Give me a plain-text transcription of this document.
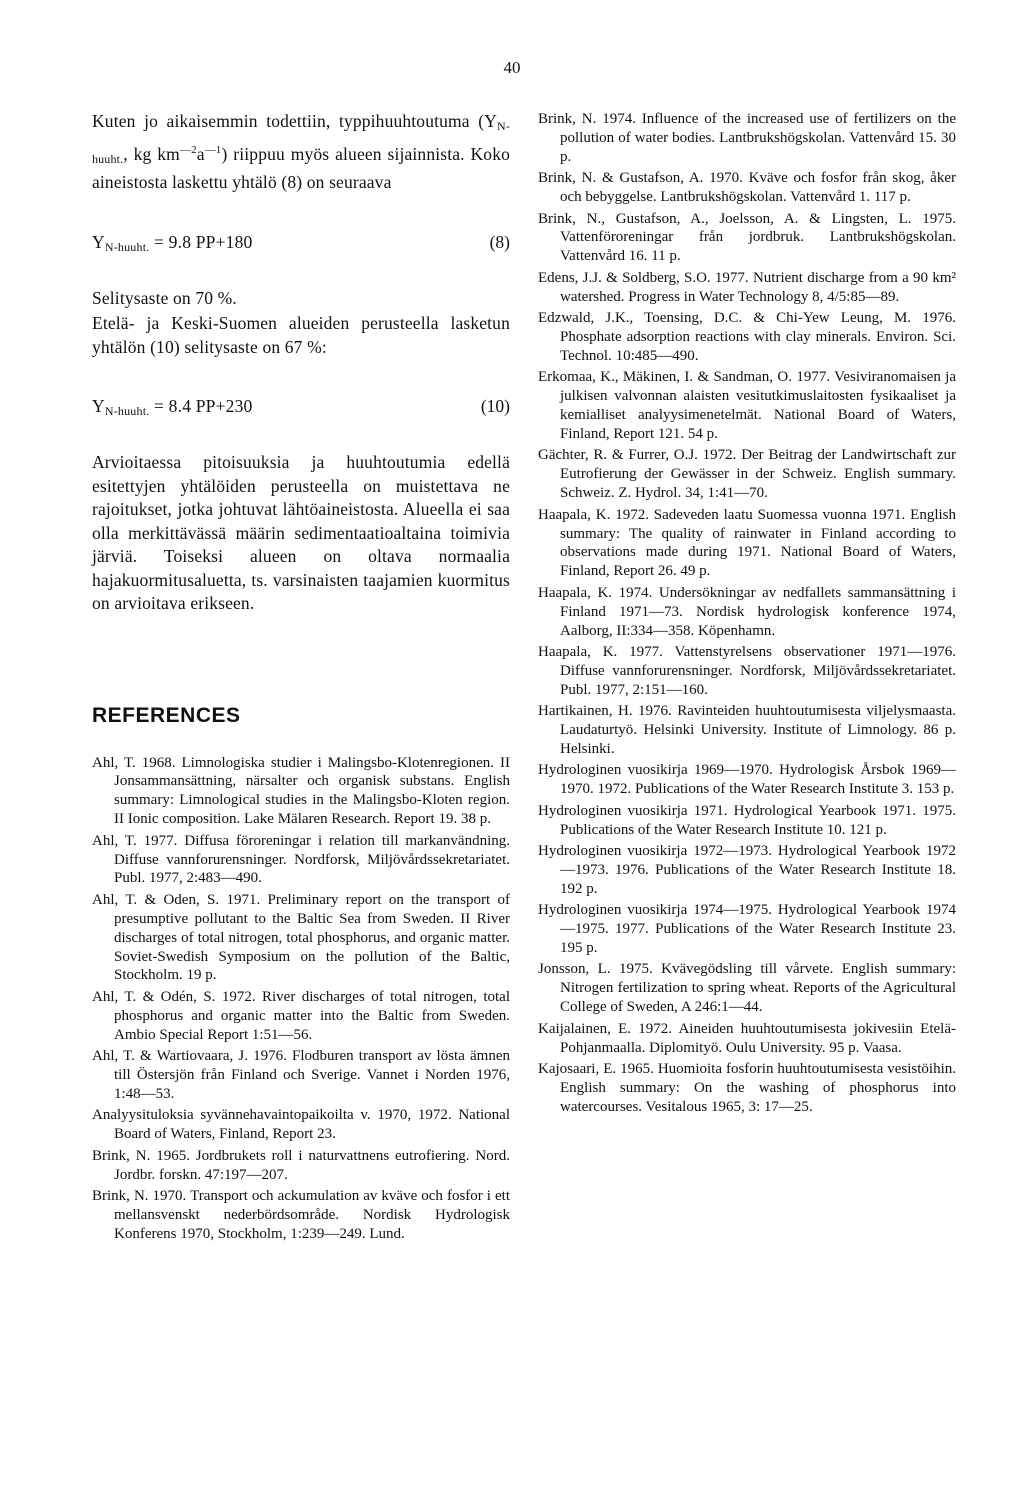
40

Kuten jo aikaisemmin todettiin, typpihuuhtoutuma ($Y_{N-huuht.}$, kg $km^{—2}a^{—1}$) riippuu myös alueen sijainnista. Koko aineistosta laskettu yhtälö (8) on seuraava

$Y_{N-huuht.} = 9.8$ PP+180	(8)

Selitysaste on 70 %.

Etelä- ja Keski-Suomen alueiden perusteella lasketun yhtälön (10) selitysaste on 67 %:

$Y_{N-huuht.} = 8.4$ PP+230	(10)

Arvioitaessa pitoisuuksia ja huuhtoutumia edellä esitettyjen yhtälöiden perusteella on muistettava ne rajoitukset, jotka johtuvat lähtöaineistosta. Alueella ei saa olla merkittävässä määrin sedimentaatioaltaina toimivia järviä. Toiseksi alueen on oltava normaalia hajakuormitusaluetta, ts. varsinaisten taajamien kuormitus on arvioitava erikseen.

REFERENCES

Ahl, T. 1968. Limnologiska studier i Malingsbo-Klotenregionen. II Jonsammansättning, närsalter och organisk substans. English summary: Limnological studies in the Malingsbo-Kloten region. II Ionic composition. Lake Mälaren Research. Report 19. 38 p.

Ahl, T. 1977. Diffusa föroreningar i relation till markanvändning. Diffuse vannforurensninger. Nordforsk, Miljövårdssekretariatet. Publ. 1977, 2:483—490.

Ahl, T. & Oden, S. 1971. Preliminary report on the transport of presumptive pollutant to the Baltic Sea from Sweden. II River discharges of total nitrogen, total phosphorus, and organic matter. Soviet-Swedish Symposium on the pollution of the Baltic, Stockholm. 19 p.

Ahl, T. & Odén, S. 1972. River discharges of total nitrogen, total phosphorus and organic matter into the Baltic from Sweden. Ambio Special Report 1:51—56.

Ahl, T. & Wartiovaara, J. 1976. Flodburen transport av lösta ämnen till Östersjön från Finland och Sverige. Vannet i Norden 1976, 1:48—53.

Analyysituloksia syvännehavaintopaikoilta v. 1970, 1972. National Board of Waters, Finland, Report 23.

Brink, N. 1965. Jordbrukets roll i naturvattnens eutrofiering. Nord. Jordbr. forskn. 47:197—207.

Brink, N. 1970. Transport och ackumulation av kväve och fosfor i ett mellansvenskt nederbördsområde. Nordisk Hydrologisk Konferens 1970, Stockholm, 1:239—249. Lund.

Brink, N. 1974. Influence of the increased use of fertilizers on the pollution of water bodies. Lantbrukshögskolan. Vattenvård 15. 30 p.

Brink, N. & Gustafson, A. 1970. Kväve och fosfor från skog, åker och bebyggelse. Lantbrukshögskolan. Vattenvård 1. 117 p.

Brink, N., Gustafson, A., Joelsson, A. & Lingsten, L. 1975. Vattenföroreningar från jordbruk. Lantbrukshögskolan. Vattenvård 16. 11 p.

Edens, J.J. & Soldberg, S.O. 1977. Nutrient discharge from a 90 km² watershed. Progress in Water Technology 8, 4/5:85—89.

Edzwald, J.K., Toensing, D.C. & Chi-Yew Leung, M. 1976. Phosphate adsorption reactions with clay minerals. Environ. Sci. Technol. 10:485—490.

Erkomaa, K., Mäkinen, I. & Sandman, O. 1977. Vesiviranomaisen ja julkisen valvonnan alaisten vesitutkimuslaitosten fysikaaliset ja kemialliset analyysimenetelmät. National Board of Waters, Finland, Report 121. 54 p.

Gächter, R. & Furrer, O.J. 1972. Der Beitrag der Landwirtschaft zur Eutrofierung der Gewässer in der Schweiz. English summary. Schweiz. Z. Hydrol. 34, 1:41—70.

Haapala, K. 1972. Sadeveden laatu Suomessa vuonna 1971. English summary: The quality of rainwater in Finland according to observations made during 1971. National Board of Waters, Finland, Report 26. 49 p.

Haapala, K. 1974. Undersökningar av nedfallets sammansättning i Finland 1971—73. Nordisk hydrologisk konference 1974, Aalborg, II:334—358. Köpenhamn.

Haapala, K. 1977. Vattenstyrelsens observationer 1971—1976. Diffuse vannforurensninger. Nordforsk, Miljövårdssekretariatet. Publ. 1977, 2:151—160.

Hartikainen, H. 1976. Ravinteiden huuhtoutumisesta viljelysmaasta. Laudaturtyö. Helsinki University. Institute of Limnology. 86 p. Helsinki.

Hydrologinen vuosikirja 1969—1970. Hydrologisk Årsbok 1969—1970. 1972. Publications of the Water Research Institute 3. 153 p.

Hydrologinen vuosikirja 1971. Hydrological Yearbook 1971. 1975. Publications of the Water Research Institute 10. 121 p.

Hydrologinen vuosikirja 1972—1973. Hydrological Yearbook 1972—1973. 1976. Publications of the Water Research Institute 18. 192 p.

Hydrologinen vuosikirja 1974—1975. Hydrological Yearbook 1974—1975. 1977. Publications of the Water Research Institute 23. 195 p.

Jonsson, L. 1975. Kvävegödsling till vårvete. English summary: Nitrogen fertilization to spring wheat. Reports of the Agricultural College of Sweden, A 246:1—44.

Kaijalainen, E. 1972. Aineiden huuhtoutumisesta jokivesiin Etelä-Pohjanmaalla. Diplomityö. Oulu University. 95 p. Vaasa.

Kajosaari, E. 1965. Huomioita fosforin huuhtoutumisesta vesistöihin. English summary: On the washing of phosphorus into watercourses. Vesitalous 1965, 3: 17—25.
